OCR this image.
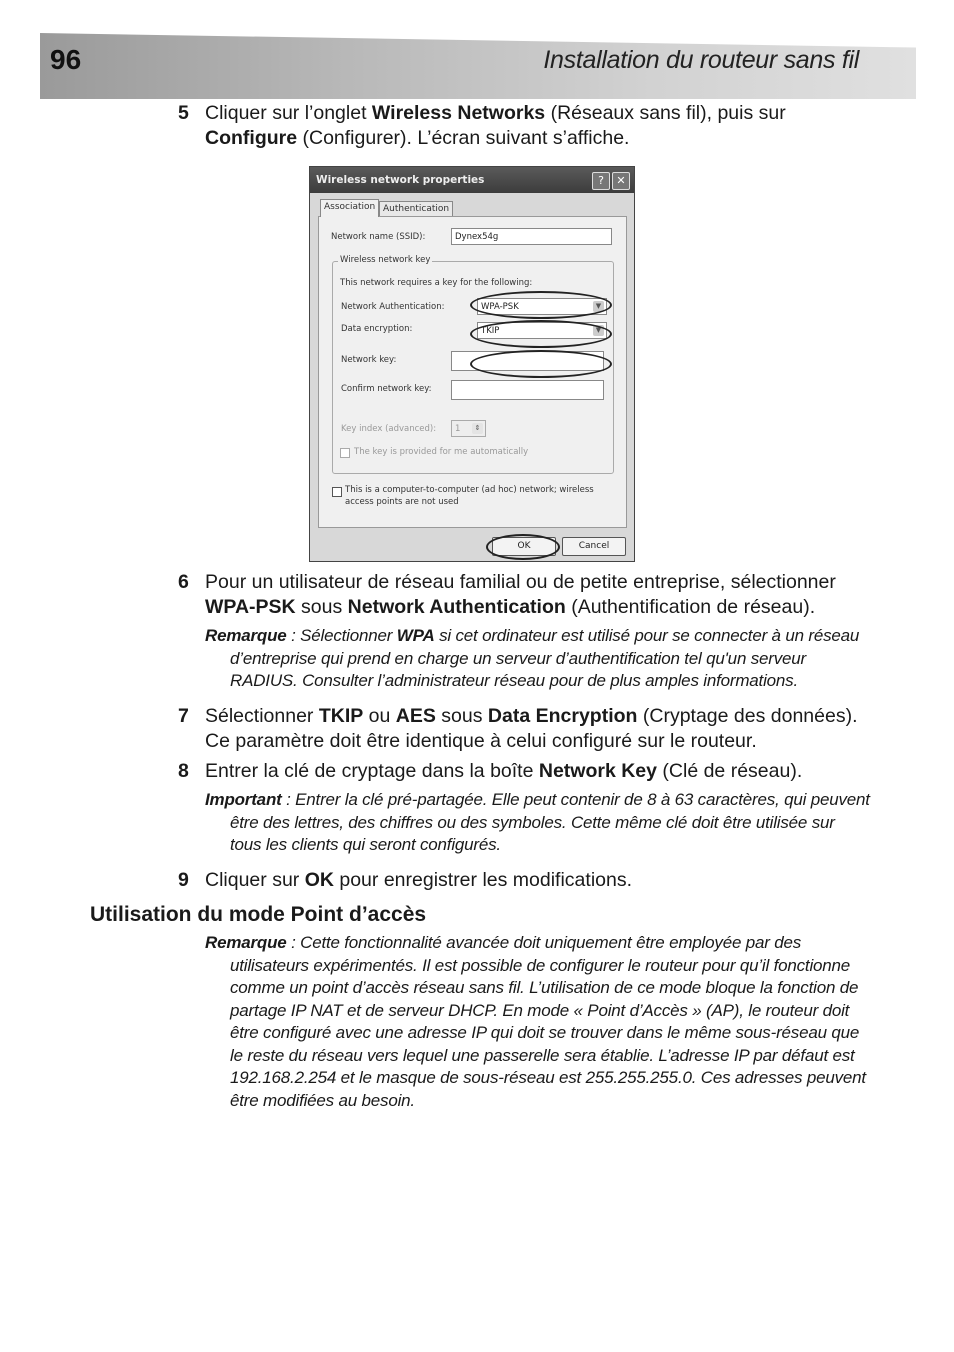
96	Installation du routeur sans fil
5 Cliquer sur l’onglet Wireless Networks (Réseaux sans fil), puis sur Configure (Configurer). L’écran suivant s’affiche.
Wireless network properties	?	✕
Association Authentication
Network name (SSID):	Dynex54g
Wireless network key
This network requires a key for the following:
Network Authentication:	WPA-PSK	▼
Data encryption:	TKIP	▼
Network key:
Confirm network key:
Key index (advanced):	1	⇕
The key is provided for me automatically
This is a computer-to-computer (ad hoc) network; wireless access points are not used
OK	Cancel
6 Pour un utilisateur de réseau familial ou de petite entreprise, sélectionner WPA-PSK sous Network Authentication (Authentification de réseau).
Remarque : Sélectionner WPA si cet ordinateur est utilisé pour se connecter à un réseau d’entreprise qui prend en charge un serveur d’authentification tel qu'un serveur RADIUS. Consulter l’administrateur réseau pour de plus amples informations.
7 Sélectionner TKIP ou AES sous Data Encryption (Cryptage des données). Ce paramètre doit être identique à celui configuré sur le routeur.
8 Entrer la clé de cryptage dans la boîte Network Key (Clé de réseau).
Important : Entrer la clé pré-partagée. Elle peut contenir de 8 à 63 caractères, qui peuvent être des lettres, des chiffres ou des symboles. Cette même clé doit être utilisée sur tous les clients qui seront configurés.
9 Cliquer sur OK pour enregistrer les modifications.
Utilisation du mode Point d’accès
Remarque : Cette fonctionnalité avancée doit uniquement être employée par des utilisateurs expérimentés. Il est possible de configurer le routeur pour qu’il fonctionne comme un point d’accès réseau sans fil. L’utilisation de ce mode bloque la fonction de partage IP NAT et de serveur DHCP. En mode « Point d’Accès » (AP), le routeur doit être configuré avec une adresse IP qui doit se trouver dans le même sous-réseau que le reste du réseau vers lequel une passerelle sera établie. L’adresse IP par défaut est 192.168.2.254 et le masque de sous-réseau est 255.255.255.0. Ces adresses peuvent être modifiées au besoin.
